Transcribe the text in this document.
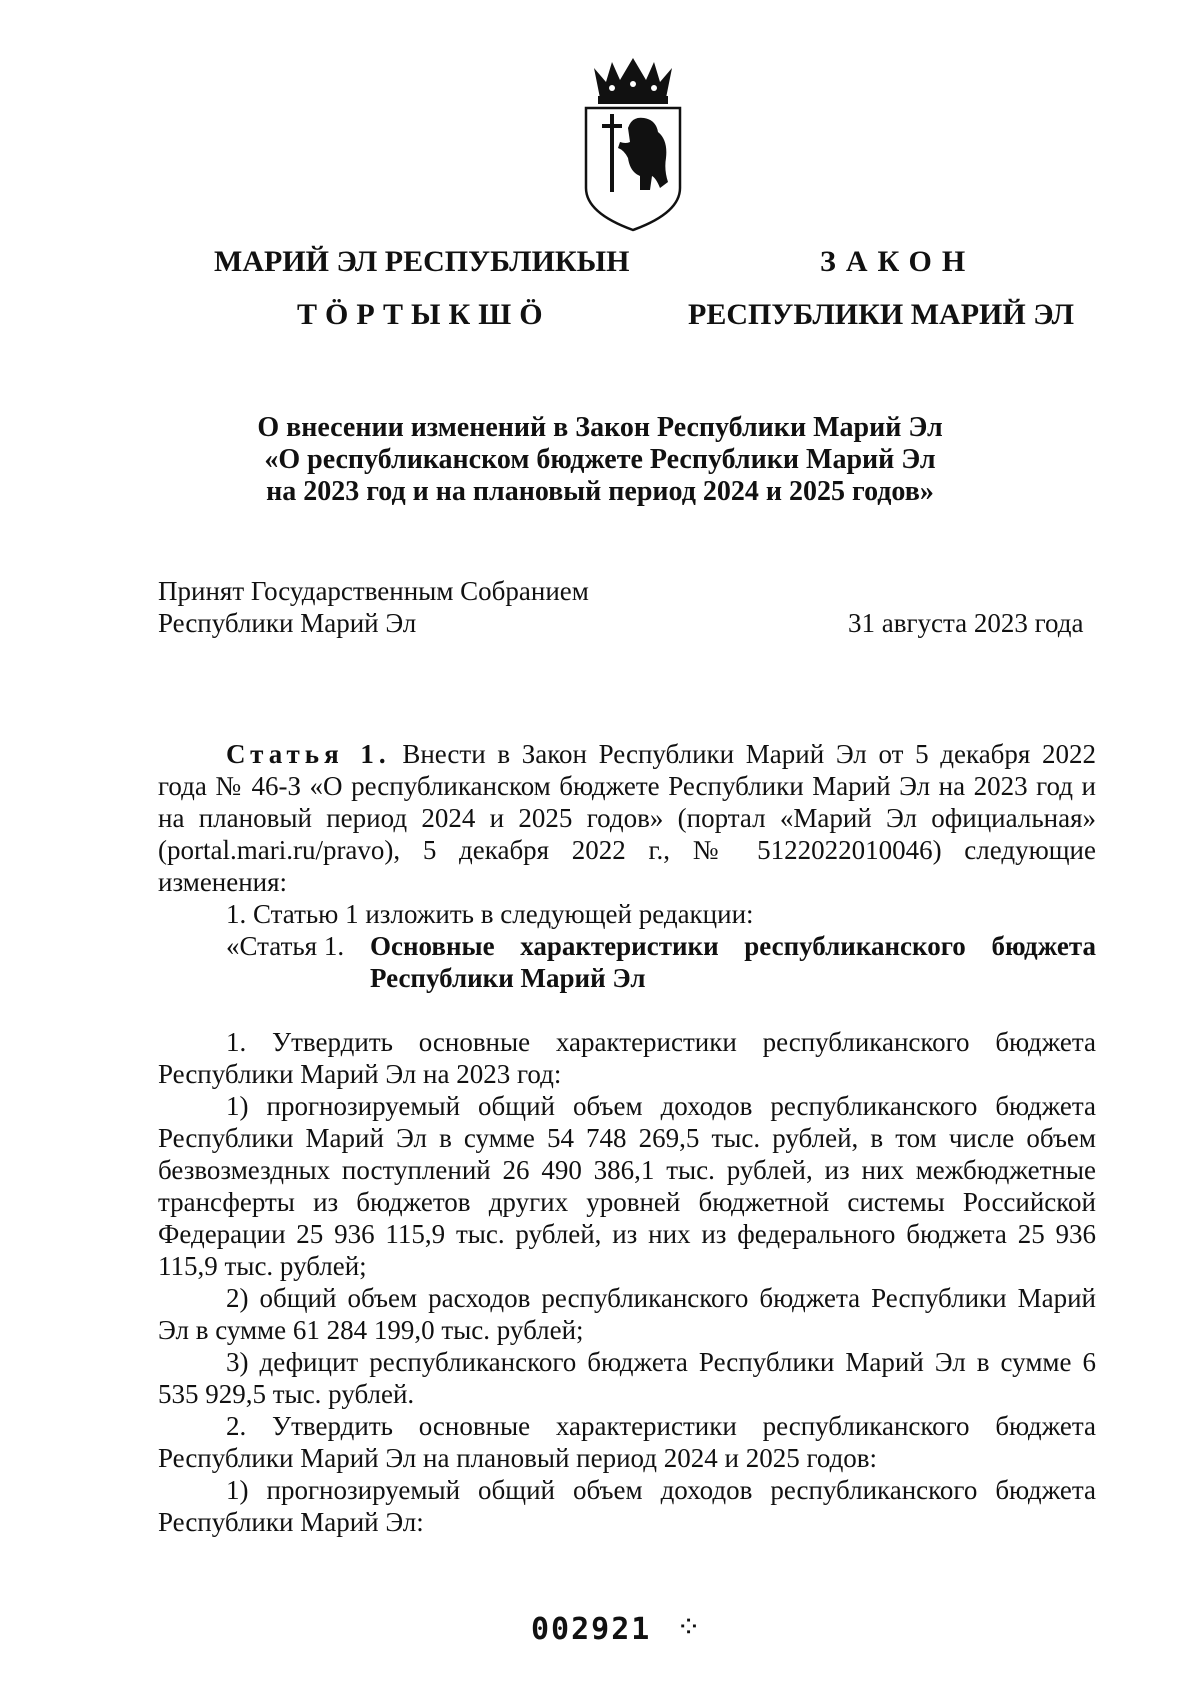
МАРИЙ ЭЛ РЕСПУБЛИКЫН
ТӦРТЫКШӦ
ЗАКОН
РЕСПУБЛИКИ МАРИЙ ЭЛ
О внесении изменений в Закон Республики Марий Эл
«О республиканском бюджете Республики Марий Эл
на 2023 год и на плановый период 2024 и 2025 годов»
Принят Государственным Собранием
Республики Марий Эл	31 августа 2023 года

Статья 1. Внести в Закон Республики Марий Эл от 5 декабря 2022 года № 46-З «О республиканском бюджете Республики Марий Эл на 2023 год и на плановый период 2024 и 2025 годов» (портал «Марий Эл официальная» (portal.mari.ru/pravo), 5 декабря 2022 г., № 5122022010046) следующие изменения:

1. Статью 1 изложить в следующей редакции:

«Статья 1. Основные характеристики республиканского бюджета Республики Марий Эл

1. Утвердить основные характеристики республиканского бюджета Республики Марий Эл на 2023 год:

1) прогнозируемый общий объем доходов республиканского бюджета Республики Марий Эл в сумме 54 748 269,5 тыс. рублей, в том числе объем безвозмездных поступлений 26 490 386,1 тыс. рублей, из них межбюджетные трансферты из бюджетов других уровней бюджетной системы Российской Федерации 25 936 115,9 тыс. рублей, из них из федерального бюджета 25 936 115,9 тыс. рублей;

2) общий объем расходов республиканского бюджета Республики Марий Эл в сумме 61 284 199,0 тыс. рублей;

3) дефицит республиканского бюджета Республики Марий Эл в сумме 6 535 929,5 тыс. рублей.

2. Утвердить основные характеристики республиканского бюджета Республики Марий Эл на плановый период 2024 и 2025 годов:

1) прогнозируемый общий объем доходов республиканского бюджета Республики Марий Эл:

002921 ⁘
